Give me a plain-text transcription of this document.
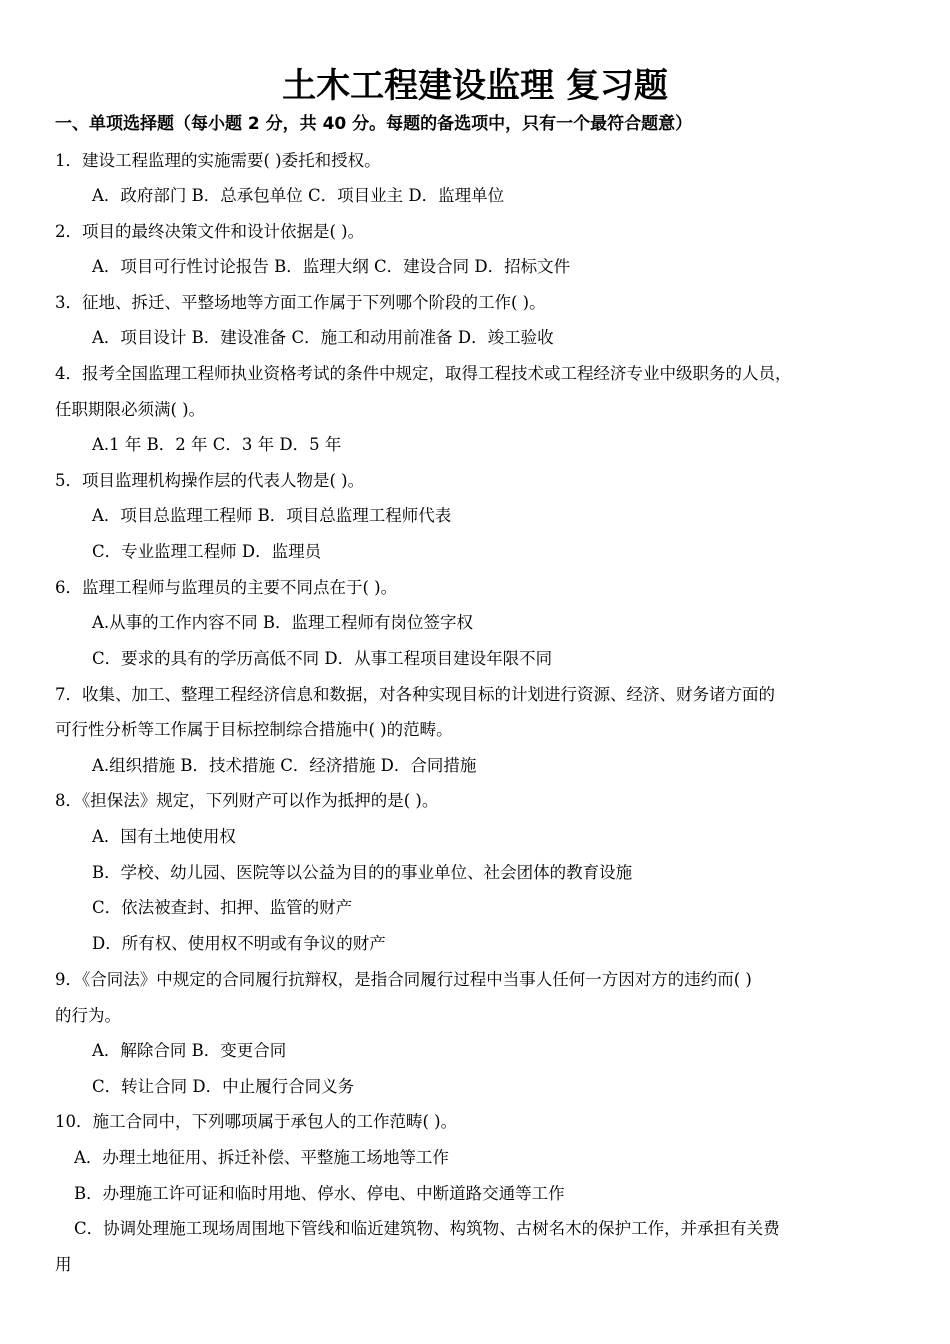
土木工程建设监理 复习题
一、单项选择题（每小题 2 分，共 40 分。每题的备选项中，只有一个最符合题意）
1．建设工程监理的实施需要( )委托和授权。
A．政府部门 B．总承包单位 C．项目业主 D．监理单位
2．项目的最终决策文件和设计依据是( )。
A．项目可行性讨论报告 B．监理大纲 C．建设合同 D．招标文件
3．征地、拆迁、平整场地等方面工作属于下列哪个阶段的工作( )。
A．项目设计 B．建设准备 C．施工和动用前准备 D．竣工验收
4．报考全国监理工程师执业资格考试的条件中规定，取得工程技术或工程经济专业中级职务的人员，
任职期限必须满( )。
A.1 年 B．2 年 C．3 年 D．5 年
5．项目监理机构操作层的代表人物是( )。
A．项目总监理工程师 B．项目总监理工程师代表
C．专业监理工程师 D．监理员
6．监理工程师与监理员的主要不同点在于( )。
A.从事的工作内容不同 B．监理工程师有岗位签字权
C．要求的具有的学历高低不同 D．从事工程项目建设年限不同
7．收集、加工、整理工程经济信息和数据，对各种实现目标的计划进行资源、经济、财务诸方面的
可行性分析等工作属于目标控制综合措施中( )的范畴。
A.组织措施 B．技术措施 C．经济措施 D．合同措施
8．《担保法》规定，下列财产可以作为抵押的是( )。
A．国有土地使用权
B．学校、幼儿园、医院等以公益为目的的事业单位、社会团体的教育设施
C．依法被查封、扣押、监管的财产
D．所有权、使用权不明或有争议的财产
9．《合同法》中规定的合同履行抗辩权，是指合同履行过程中当事人任何一方因对方的违约而( )
的行为。
A．解除合同 B．变更合同
C．转让合同 D．中止履行合同义务
10．施工合同中，下列哪项属于承包人的工作范畴( )。
A．办理土地征用、拆迁补偿、平整施工场地等工作
B．办理施工许可证和临时用地、停水、停电、中断道路交通等工作
C．协调处理施工现场周围地下管线和临近建筑物、构筑物、古树名木的保护工作，并承担有关费
用
